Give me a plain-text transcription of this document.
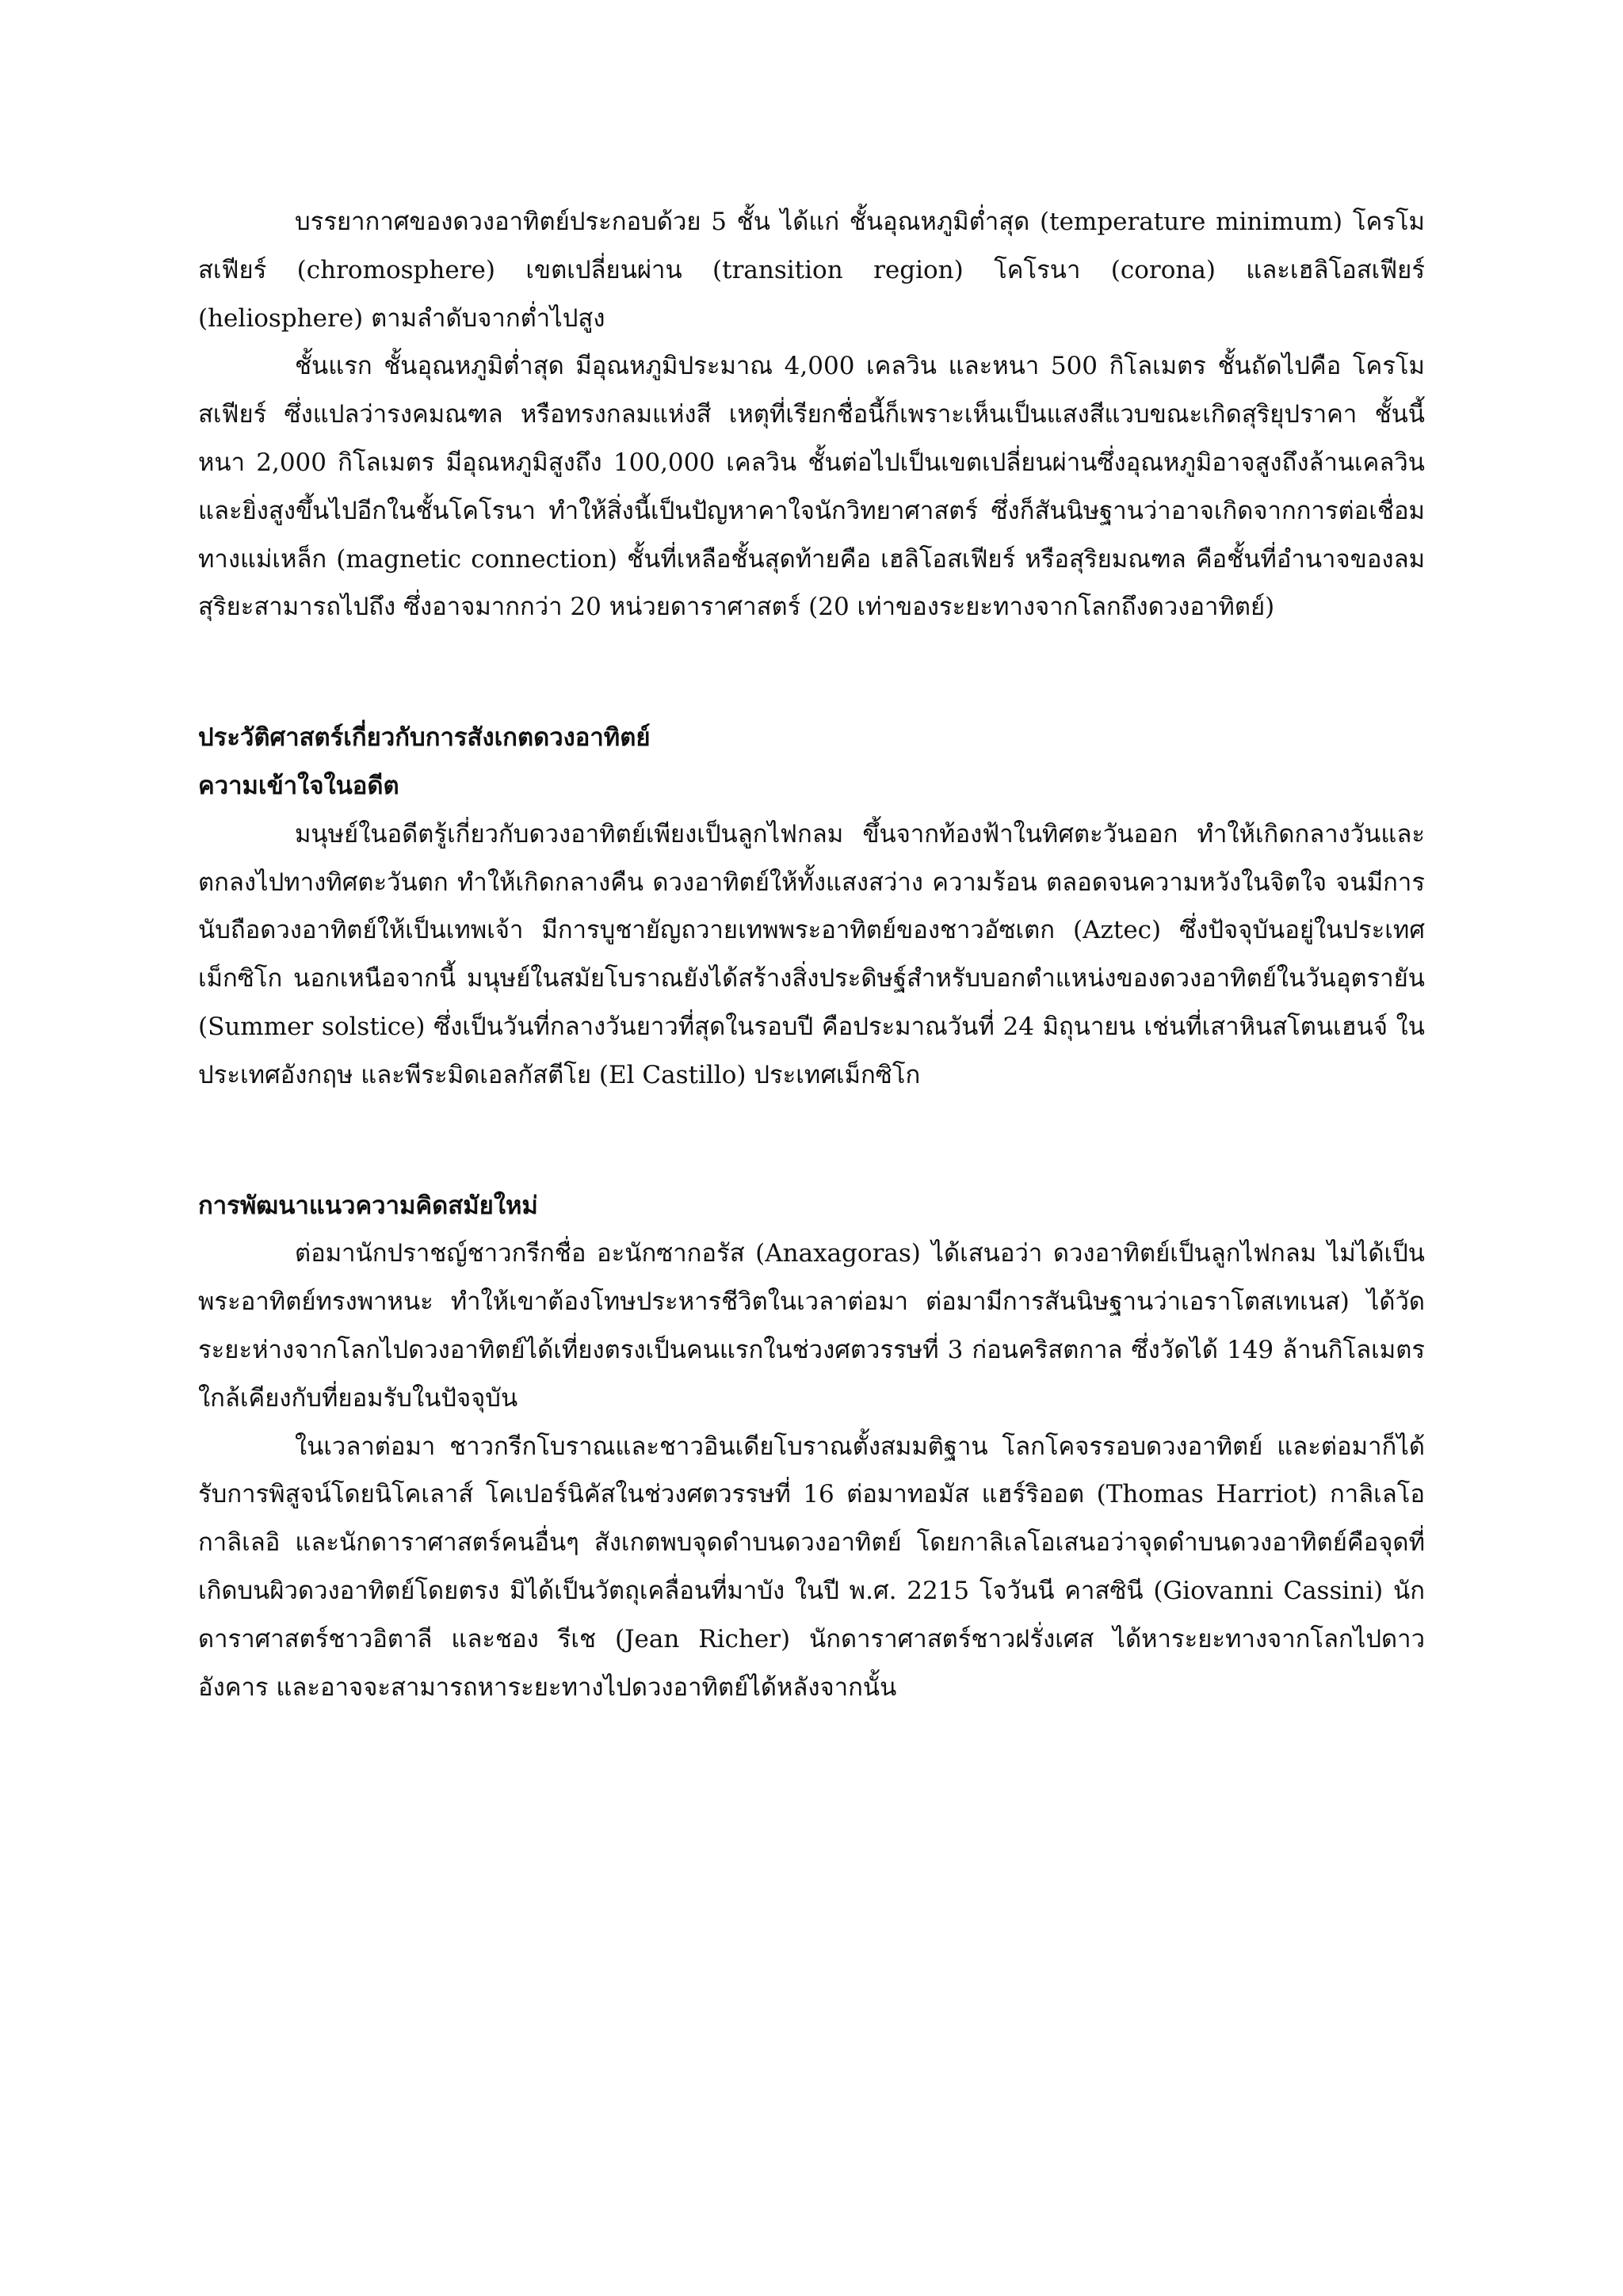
บรรยากาศของดวงอาทิตย์ประกอบด้วย 5 ชั้น ได้แก่ ชั้นอุณหภูมิต่ำสุด (temperature minimum) โครโมสเฟียร์ (chromosphere) เขตเปลี่ยนผ่าน (transition region) โคโรนา (corona) และเฮลิโอสเฟียร์ (heliosphere) ตามลำดับจากต่ำไปสูง

ชั้นแรก ชั้นอุณหภูมิต่ำสุด มีอุณหภูมิประมาณ 4,000 เคลวิน และหนา 500 กิโลเมตร ชั้นถัดไปคือ โครโมสเฟียร์ ซึ่งแปลว่ารงคมณฑล หรือทรงกลมแห่งสี เหตุที่เรียกชื่อนี้ก็เพราะเห็นเป็นแสงสีแวบขณะเกิดสุริยุปราคา ชั้นนี้หนา 2,000 กิโลเมตร มีอุณหภูมิสูงถึง 100,000 เคลวิน ชั้นต่อไปเป็นเขตเปลี่ยนผ่านซึ่งอุณหภูมิอาจสูงถึงล้านเคลวิน และยิ่งสูงขึ้นไปอีกในชั้นโคโรนา ทำให้สิ่งนี้เป็นปัญหาคาใจนักวิทยาศาสตร์ ซึ่งก็สันนิษฐานว่าอาจเกิดจากการต่อเชื่อมทางแม่เหล็ก (magnetic connection) ชั้นที่เหลือชั้นสุดท้ายคือ เฮลิโอสเฟียร์ หรือสุริยมณฑล คือชั้นที่อำนาจของลมสุริยะสามารถไปถึง ซึ่งอาจมากกว่า 20 หน่วยดาราศาสตร์ (20 เท่าของระยะทางจากโลกถึงดวงอาทิตย์)

ประวัติศาสตร์เกี่ยวกับการสังเกตดวงอาทิตย์

ความเข้าใจในอดีต

มนุษย์ในอดีตรู้เกี่ยวกับดวงอาทิตย์เพียงเป็นลูกไฟกลม ขึ้นจากท้องฟ้าในทิศตะวันออก ทำให้เกิดกลางวันและตกลงไปทางทิศตะวันตก ทำให้เกิดกลางคืน ดวงอาทิตย์ให้ทั้งแสงสว่าง ความร้อน ตลอดจนความหวังในจิตใจ จนมีการนับถือดวงอาทิตย์ให้เป็นเทพเจ้า มีการบูชายัญถวายเทพพระอาทิตย์ของชาวอัซเตก (Aztec) ซึ่งปัจจุบันอยู่ในประเทศเม็กซิโก นอกเหนือจากนี้ มนุษย์ในสมัยโบราณยังได้สร้างสิ่งประดิษฐ์สำหรับบอกตำแหน่งของดวงอาทิตย์ในวันอุตรายัน (Summer solstice) ซึ่งเป็นวันที่กลางวันยาวที่สุดในรอบปี คือประมาณวันที่ 24 มิถุนายน เช่นที่เสาหินสโตนเฮนจ์ ในประเทศอังกฤษ และพีระมิดเอลกัสตีโย (El Castillo) ประเทศเม็กซิโก

การพัฒนาแนวความคิดสมัยใหม่

ต่อมานักปราชญ์ชาวกรีกชื่อ อะนักซากอรัส (Anaxagoras) ได้เสนอว่า ดวงอาทิตย์เป็นลูกไฟกลม ไม่ได้เป็นพระอาทิตย์ทรงพาหนะ ทำให้เขาต้องโทษประหารชีวิตในเวลาต่อมา ต่อมามีการสันนิษฐานว่าเอราโตสเทเนส) ได้วัดระยะห่างจากโลกไปดวงอาทิตย์ได้เที่ยงตรงเป็นคนแรกในช่วงศตวรรษที่ 3 ก่อนคริสตกาล ซึ่งวัดได้ 149 ล้านกิโลเมตร ใกล้เคียงกับที่ยอมรับในปัจจุบัน

ในเวลาต่อมา ชาวกรีกโบราณและชาวอินเดียโบราณตั้งสมมติฐาน โลกโคจรรอบดวงอาทิตย์ และต่อมาก็ได้รับการพิสูจน์โดยนิโคเลาส์ โคเปอร์นิคัสในช่วงศตวรรษที่ 16 ต่อมาทอมัส แฮร์ริออต (Thomas Harriot) กาลิเลโอ กาลิเลอิ และนักดาราศาสตร์คนอื่นๆ สังเกตพบจุดดำบนดวงอาทิตย์ โดยกาลิเลโอเสนอว่าจุดดำบนดวงอาทิตย์คือจุดที่เกิดบนผิวดวงอาทิตย์โดยตรง มิได้เป็นวัตถุเคลื่อนที่มาบัง ในปี พ.ศ. 2215 โจวันนี คาสซินี (Giovanni Cassini) นักดาราศาสตร์ชาวอิตาลี และชอง รีเช (Jean Richer) นักดาราศาสตร์ชาวฝรั่งเศส ได้หาระยะทางจากโลกไปดาวอังคาร และอาจจะสามารถหาระยะทางไปดวงอาทิตย์ได้หลังจากนั้น
